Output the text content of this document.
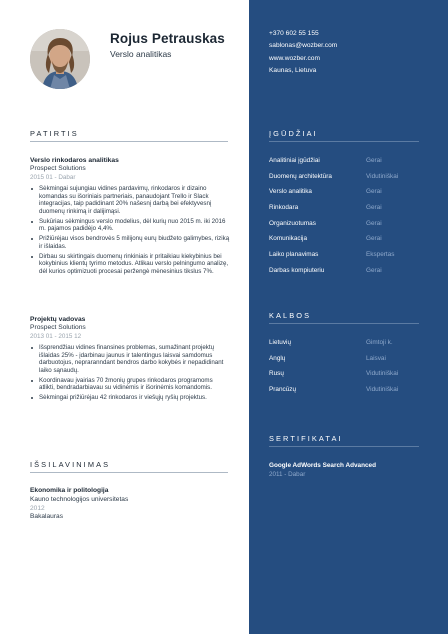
Rojus Petrauskas
Verslo analitikas
PATIRTIS
Verslo rinkodaros analitikas
Prospect Solutions
2015 01 - Dabar
Sėkmingai sujungiau vidines pardavimų, rinkodaros ir dizaino komandas su išoriniais partneriais, panaudojant Trello ir Slack integracijas, taip padidinant 20% našesnį darbą bei efektyvesnį duomenų rinkimą ir dalijimąsi.
Sukūriau sėkmingus verslo modelius, dėl kurių nuo 2015 m. iki 2016 m. pajamos padidėjo 4,4%.
Prižiūrėjau visos bendrovės 5 milijonų eurų biudžeto galimybes, riziką ir išlaidas.
Dirbau su skirtingais duomenų rinkiniais ir pritaikiau kiekybinius bei kokybinius klientų tyrimo metodus. Atlikau verslo pelningumo analizę, dėl kurios optimizuoti procesai peržengė mėnesinius tikslus 7%.
Projektų vadovas
Prospect Solutions
2013 01 - 2015 12
Išsprendžiau vidines finansines problemas, sumažinant projektų išlaidas 25% - įdarbinau jaunus ir talentingus laisvai samdomus darbuotojus, nepraranndant bendros darbo kokybės ir nepadidinant laiko sąnaudų.
Koordinavau įvairias 70 žmonių grupes rinkodaros programoms atlikti, bendradarbiavau su vidinėmis ir išorinėmis komandomis.
Sėkmingai prižiūrėjau 42 rinkodaros ir viešųjų ryšių projektus.
IŠSILAVINIMAS
Ekonomika ir politologija
Kauno technologijos universitetas
2012
Bakalauras
+370 602 55 155
sablonas@wozber.com
www.wozber.com
Kaunas, Lietuva
ĮGŪDŽIAI
Analitiniai įgūdžiai	Gerai
Duomenų architektūra	Vidutiniškai
Verslo analitika	Gerai
Rinkodara	Gerai
Organizuotumas	Gerai
Komunikacija	Gerai
Laiko planavimas	Ekspertas
Darbas kompiuteriu	Gerai
KALBOS
Lietuvių	Gimtoji k.
Anglų	Laisvai
Rusų	Vidutiniškai
Prancūzų	Vidutiniškai
SERTIFIKATAI
Google AdWords Search Advanced
2011 - Dabar
